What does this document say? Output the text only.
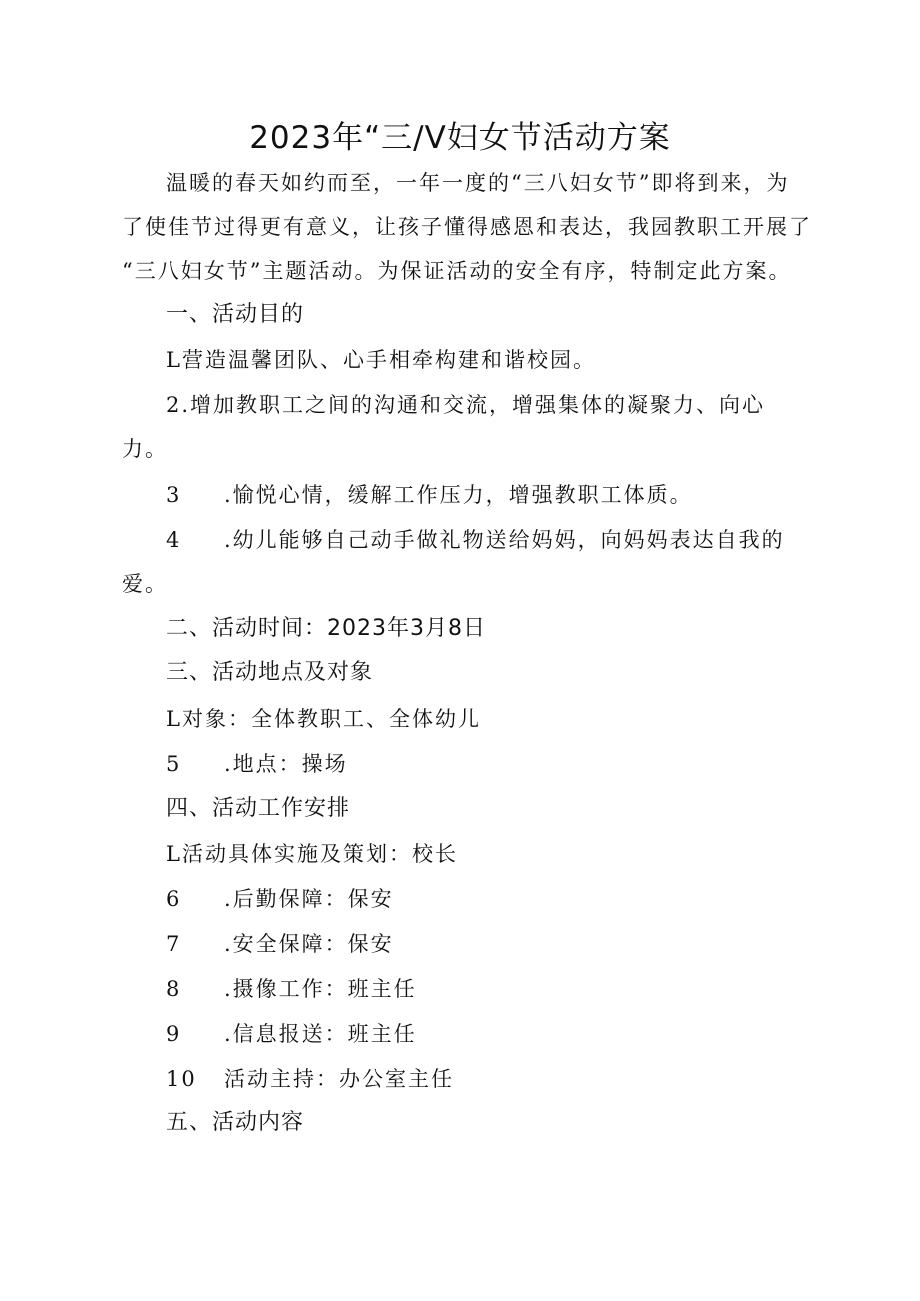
2023年“三/V妇女节活动方案
温暖的春天如约而至，一年一度的“三八妇女节”即将到来，为
了使佳节过得更有意义，让孩子懂得感恩和表达，我园教职工开展了
“三八妇女节”主题活动。为保证活动的安全有序，特制定此方案。
一、活动目的
L营造温馨团队、心手相牵构建和谐校园。
2.增加教职工之间的沟通和交流，增强集体的凝聚力、向心
力。
3 .愉悦心情，缓解工作压力，增强教职工体质。
4 .幼儿能够自己动手做礼物送给妈妈，向妈妈表达自我的
爱。
二、活动时间：2023年3月8日
三、活动地点及对象
L对象：全体教职工、全体幼儿
5 .地点：操场
四、活动工作安排
L活动具体实施及策划：校长
6 .后勤保障：保安
7 .安全保障：保安
8 .摄像工作：班主任
9 .信息报送：班主任
10 活动主持：办公室主任
五、活动内容
